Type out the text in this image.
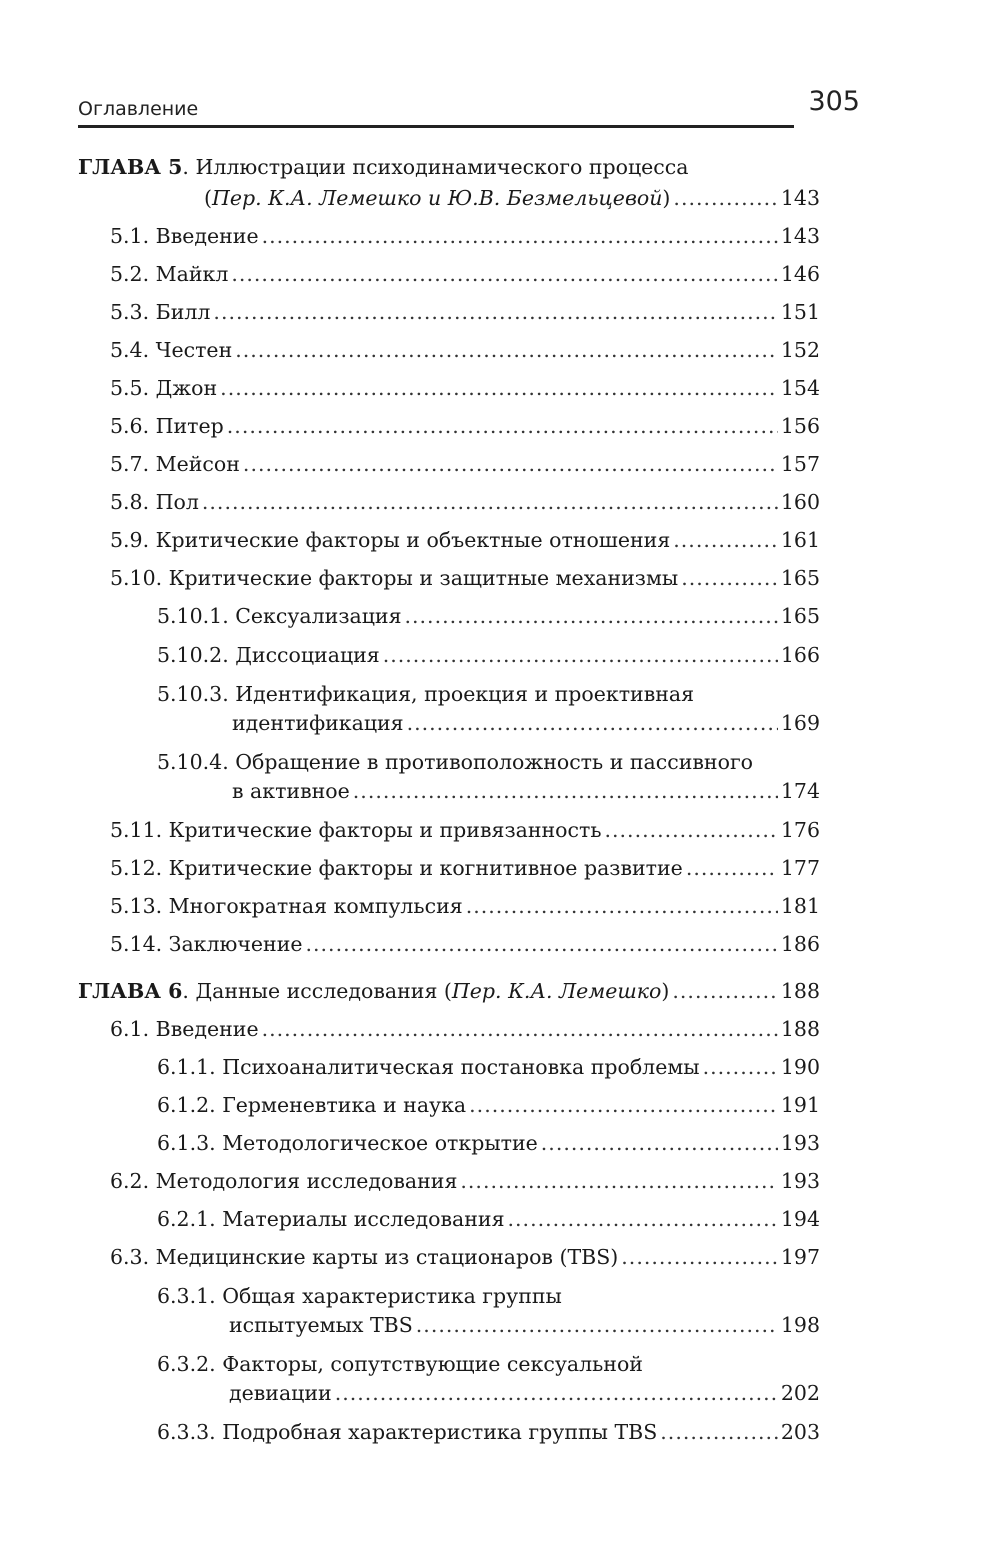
Оглавление	305
ГЛАВА 5. Иллюстрации психодинамического процесса
(Пер. К.А. Лемешко и Ю.В. Безмельцевой) .....	143
5.1. Введение .....	143
5.2. Майкл .....	146
5.3. Билл .....	151
5.4. Честен .....	152
5.5. Джон .....	154
5.6. Питер .....	156
5.7. Мейсон .....	157
5.8. Пол .....	160
5.9. Критические факторы и объектные отношения .....	161
5.10. Критические факторы и защитные механизмы .....	165
5.10.1. Сексуализация .....	165
5.10.2. Диссоциация .....	166
5.10.3. Идентификация, проекция и проективная
идентификация .....	169
5.10.4. Обращение в противоположность и пассивного
в активное .....	174
5.11. Критические факторы и привязанность .....	176
5.12. Критические факторы и когнитивное развитие .....	177
5.13. Многократная компульсия .....	181
5.14. Заключение .....	186
ГЛАВА 6. Данные исследования (Пер. К.А. Лемешко) .....	188
6.1. Введение .....	188
6.1.1. Психоаналитическая постановка проблемы .....	190
6.1.2. Герменевтика и наука .....	191
6.1.3. Методологическое открытие .....	193
6.2. Методология исследования .....	193
6.2.1. Материалы исследования .....	194
6.3. Медицинские карты из стационаров (TBS) .....	197
6.3.1. Общая характеристика группы
испытуемых TBS .....	198
6.3.2. Факторы, сопутствующие сексуальной
девиации .....	202
6.3.3. Подробная характеристика группы TBS .....	203
